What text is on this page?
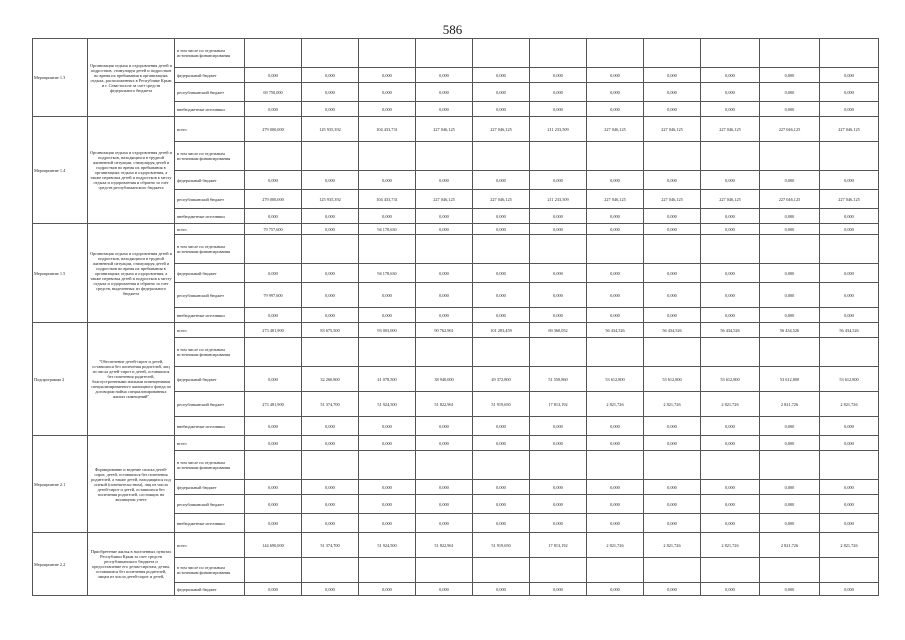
586
Мероприятие 1.3	Организация отдыха и оздоровления детей и подростков, стимулируя детей и подростков во время их пребывания в организациях отдыха, расположенных в Республике Крым и г. Севастополе за счет средств федерального бюджета	в том числе по отдельным источникам финансирования											
		федеральный бюджет	0,000	0,000	0,000	0,000	0,000	0,000	0,000	0,000	0,000	0,000	0,000
		республиканский бюджет	69 750,000	0,000	0,000	0,000	0,000	0,000	0,000	0,000	0,000	0,000	0,000
		внебюджетные источники	0,000	0,000	0,000	0,000	0,000	0,000	0,000	0,000	0,000	0,000	0,000
Мероприятие 1.4	Организация отдыха и оздоровления детей и подростков, находящихся в трудной жизненной ситуации, стимулируя детей и подростков во время их пребывания в организациях отдыха и оздоровления, а также перевозка детей и подростков к месту отдыха и оздоровления и обратно за счет средств республиканского бюджета	всего	279 000,000	125 935,392	104 433,731	227 046,125	227 046,125	211 233,509	227 046,125	227 046,125	227 046,125	227 046,125	227 046,125
		в том числе по отдельным источникам финансирования											
		федеральный бюджет	0,000	0,000	0,000	0,000	0,000	0,000	0,000	0,000	0,000	0,000	0,000
		республиканский бюджет	279 000,000	125 935,392	104 433,731	227 046,125	227 046,125	211 233,509	227 046,125	227 046,125	227 046,125	227 046,125	227 046,125
		внебюджетные источники	0,000	0,000	0,000	0,000	0,000	0,000	0,000	0,000	0,000	0,000	0,000
Мероприятие 1.5	Организация отдыха и оздоровления детей и подростков, находящихся в трудной жизненной ситуации, стимулируя детей и подростков во время их пребывания в организациях отдыха и оздоровления, а также перевозка детей и подростков к месту отдыха и оздоровления и обратно за счет средств, выделенных из федерального бюджета	всего	79 757,600	0,000	94 178,630	0,000	0,000	0,000	0,000	0,000	0,000	0,000	0,000
		в том числе по отдельным источникам финансирования											
		федеральный бюджет	0,000	0,000	94 178,630	0,000	0,000	0,000	0,000	0,000	0,000	0,000	0,000
		республиканский бюджет	79 997,600	0,000	0,000	0,000	0,000	0,000	0,000	0,000	0,000	0,000	0,000
		внебюджетные источники	0,000	0,000	0,000	0,000	0,000	0,000	0,000	0,000	0,000	0,000	0,000
Подпрограмма 2	"Обеспечение детей-сирот и детей, оставшихся без попечения родителей, лиц из числа детей-сирот и детей, оставшихся без попечения родителей, благоустроенными жилыми помещениями специализированного жилищного фонда по договорам найма специализированных жилых помещений"	всего	273 481,900	83 675,500	93 003,000	90 762,961	101 283,459	69 360,052	56 434,526	56 434,526	56 434,526	56 434,526	56 434,526
		в том числе по отдельным источникам финансирования											
		федеральный бюджет	0,000	32 260,800	41 078,500	38 940,000	49 372,800	51 550,860	53 612,800	53 612,800	53 612,800	53 612,800	53 612,800
		республиканский бюджет	273 481,900	51 374,700	51 924,500	51 822,961	51 919,650	17 813,192	2 821,726	2 821,726	2 821,726	2 821,726	2 821,726
		внебюджетные источники	0,000	0,000	0,000	0,000	0,000	0,000	0,000	0,000	0,000	0,000	0,000
Мероприятие 2.1	Формирование и ведение списка детей-сирот, детей, оставшихся без попечения родителей, а также детей, находящихся под опекой (попечительством), лиц из числа детей-сирот и детей, оставшихся без попечения родителей, состоящих на жилищном учете	всего	0,000	0,000	0,000	0,000	0,000	0,000	0,000	0,000	0,000	0,000	0,000
		в том числе по отдельным источникам финансирования											
		федеральный бюджет	0,000	0,000	0,000	0,000	0,000	0,000	0,000	0,000	0,000	0,000	0,000
		республиканский бюджет	0,000	0,000	0,000	0,000	0,000	0,000	0,000	0,000	0,000	0,000	0,000
		внебюджетные источники	0,000	0,000	0,000	0,000	0,000	0,000	0,000	0,000	0,000	0,000	0,000
Мероприятие 2.2	Приобретение жилья в населенных пунктах Республики Крым за счет средств республиканского бюджета и предоставление его детям-сиротам, детям, оставшимся без попечения родителей, лицам из числа детей-сирот и детей,	всего	144 690,000	51 374,700	51 924,500	51 822,961	51 919,650	17 813,192	2 821,726	2 821,726	2 821,726	2 821,726	2 821,726
		в том числе по отдельным источникам финансирования											
		федеральный бюджет	0,000	0,000	0,000	0,000	0,000	0,000	0,000	0,000	0,000	0,000	0,000
